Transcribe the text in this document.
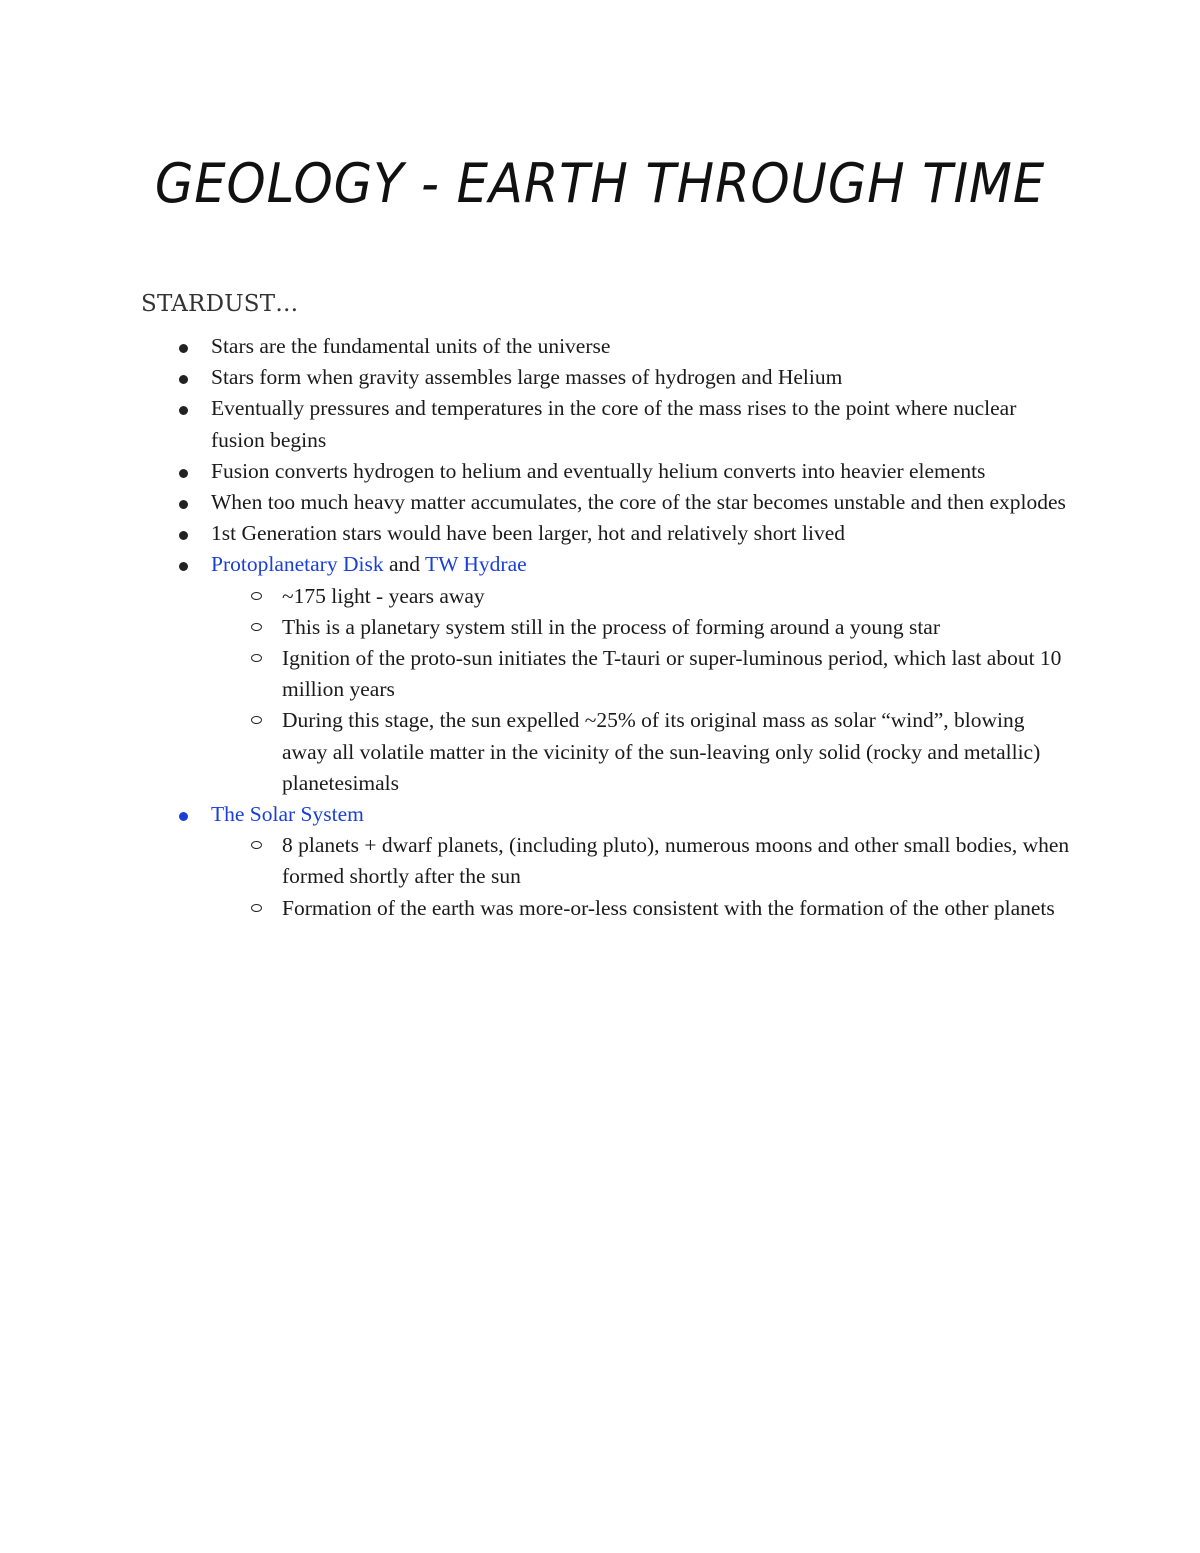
GEOLOGY - EARTH THROUGH TIME
STARDUST…
Stars are the fundamental units of the universe
Stars form when gravity assembles large masses of hydrogen and Helium
Eventually pressures and temperatures in the core of the mass rises to the point where nuclear fusion begins
Fusion converts hydrogen to helium and eventually helium converts into heavier elements
When too much heavy matter accumulates, the core of the star becomes unstable and then explodes
1st Generation stars would have been larger, hot and relatively short lived
Protoplanetary Disk and TW Hydrae
~175 light - years away
This is a planetary system still in the process of forming around a young star
Ignition of the proto-sun initiates the T-tauri or super-luminous period, which last about 10 million years
During this stage, the sun expelled ~25% of its original mass as solar “wind”, blowing away all volatile matter in the vicinity of the sun-leaving only solid (rocky and metallic) planetesimals
The Solar System
8 planets + dwarf planets, (including pluto), numerous moons and other small bodies, when formed shortly after the sun
Formation of the earth was more-or-less consistent with the formation of the other planets
